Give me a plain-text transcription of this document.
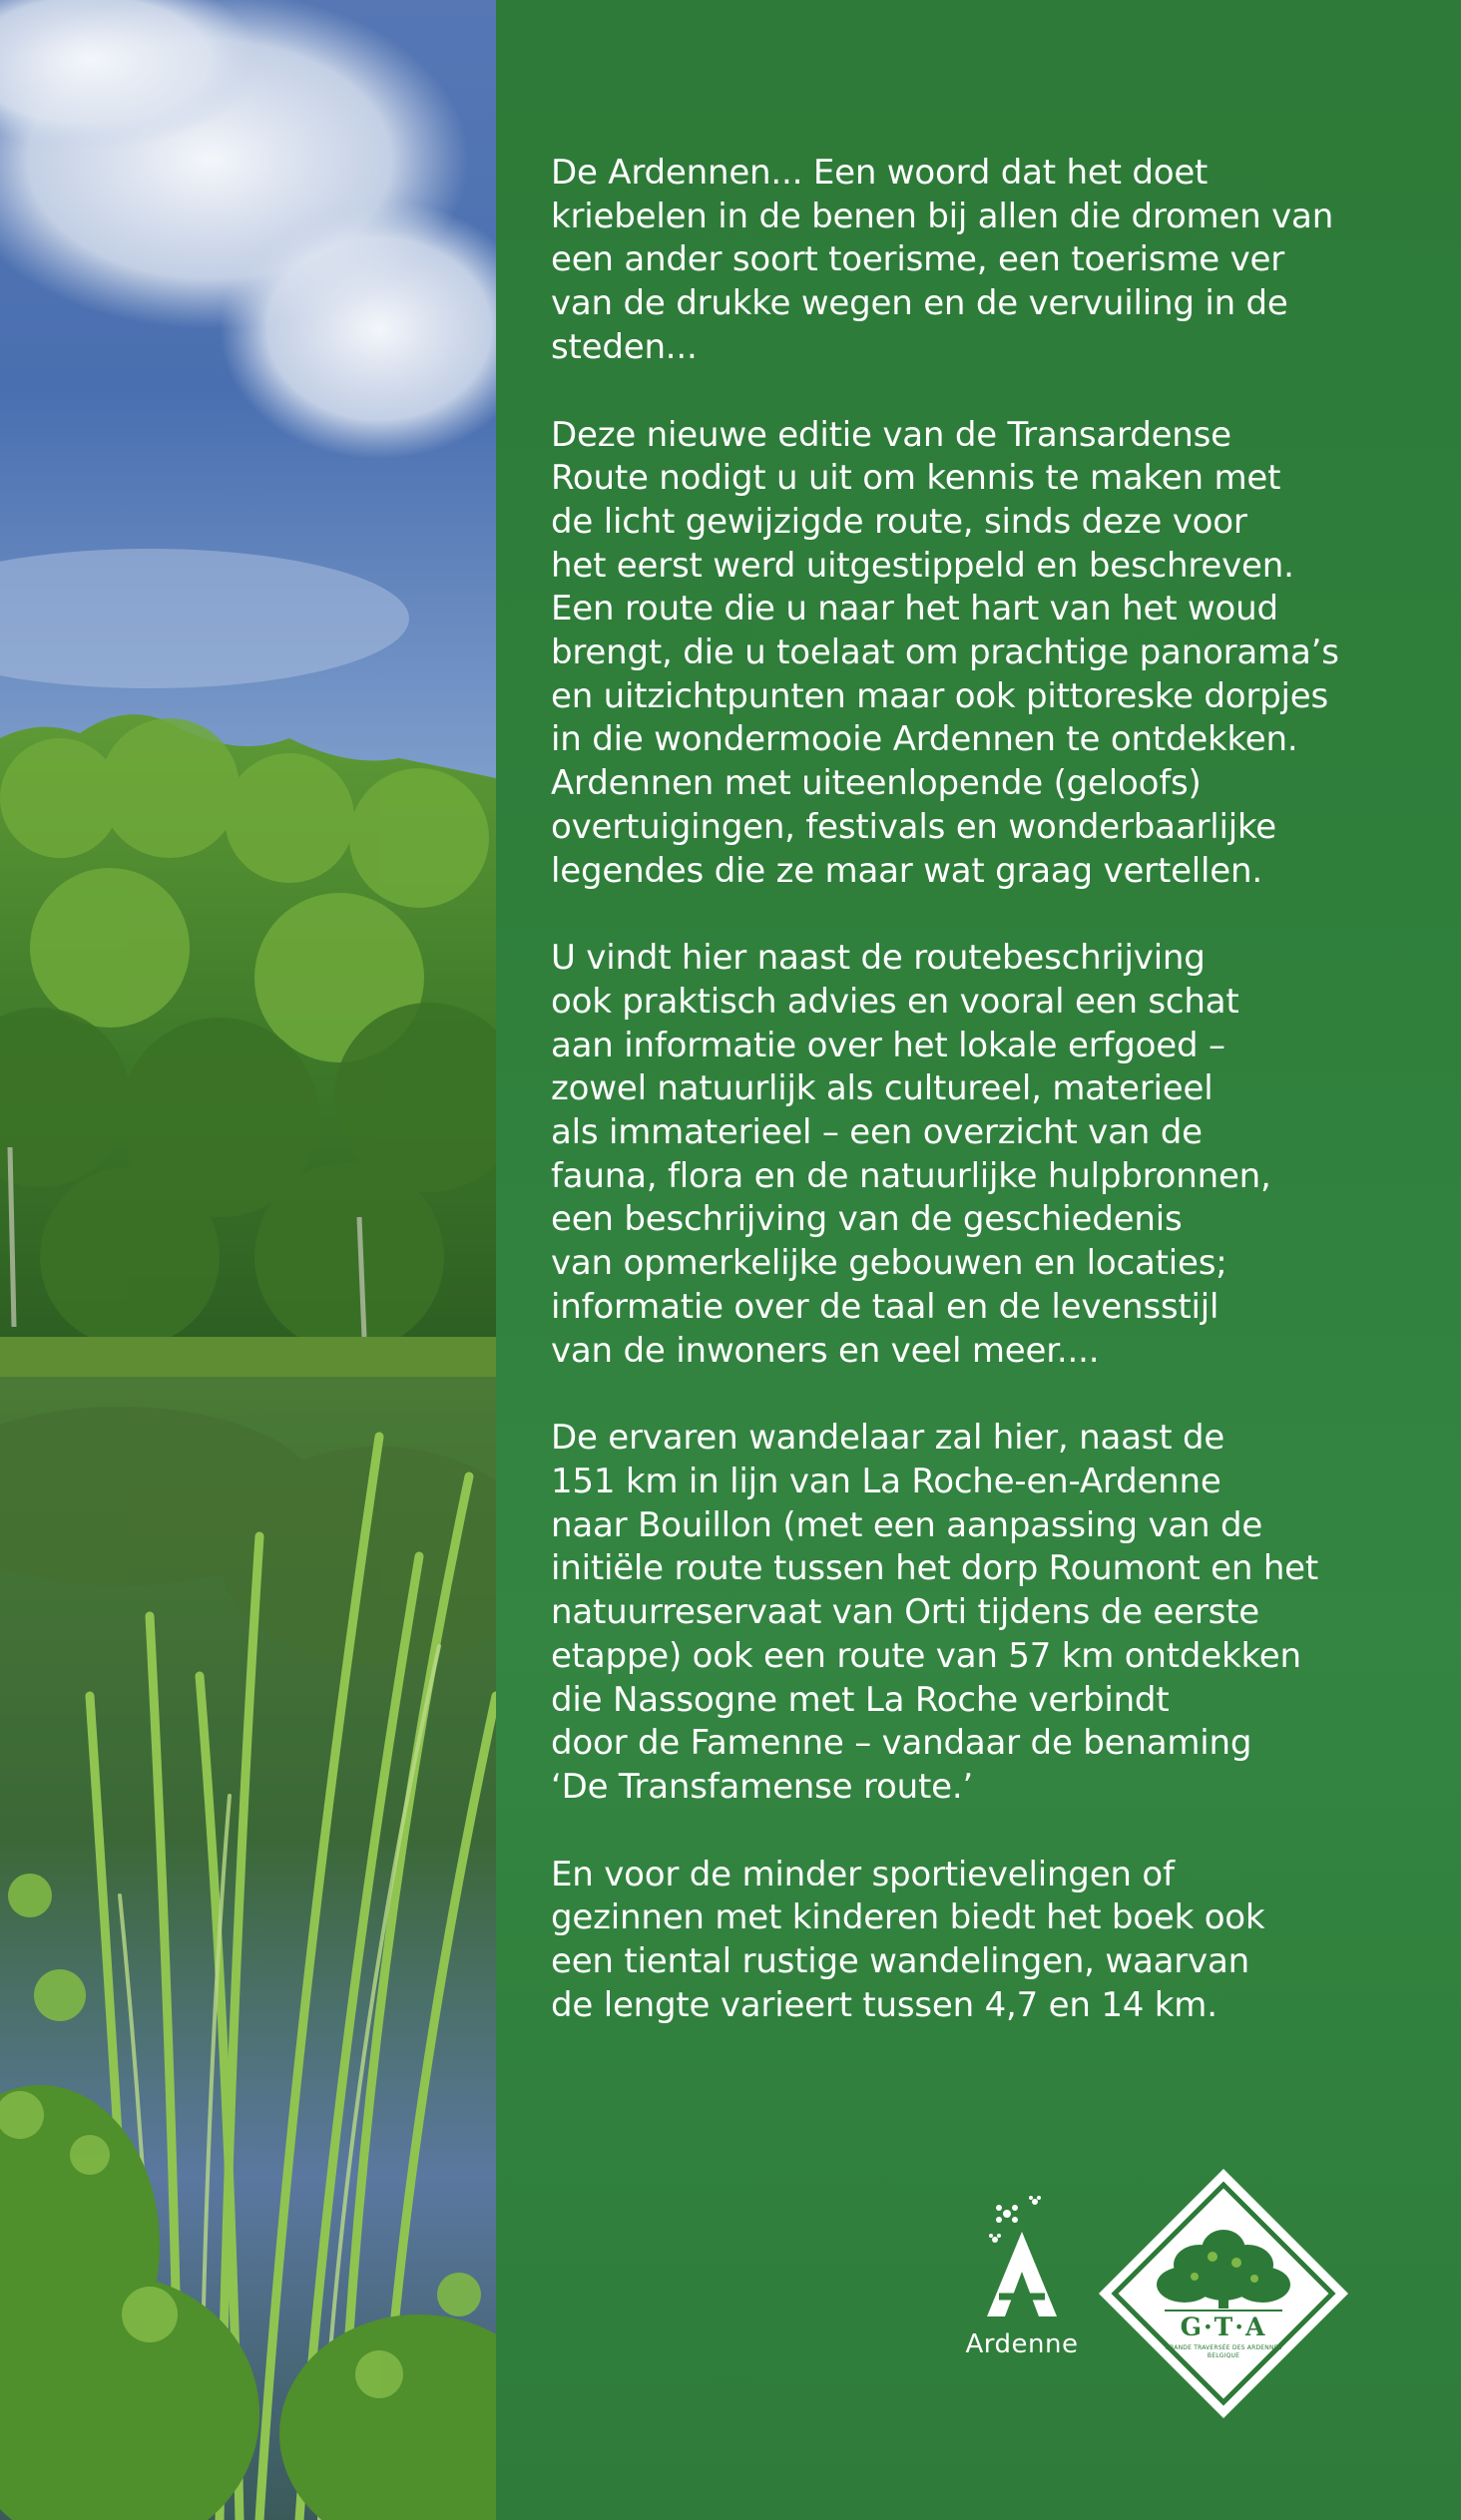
De Ardennen... Een woord dat het doet
kriebelen in de benen bij allen die dromen van
een ander soort toerisme, een toerisme ver
van de drukke wegen en de vervuiling in de
steden...

Deze nieuwe editie van de Transardense
Route nodigt u uit om kennis te maken met
de licht gewijzigde route, sinds deze voor
het eerst werd uitgestippeld en beschreven.
Een route die u naar het hart van het woud
brengt, die u toelaat om prachtige panorama’s
en uitzichtpunten maar ook pittoreske dorpjes
in die wondermooie Ardennen te ontdekken.
Ardennen met uiteenlopende (geloofs)
overtuigingen, festivals en wonderbaarlijke
legendes die ze maar wat graag vertellen.

U vindt hier naast de routebeschrijving
ook praktisch advies en vooral een schat
aan informatie over het lokale erfgoed –
zowel natuurlijk als cultureel, materieel
als immaterieel – een overzicht van de
fauna, flora en de natuurlijke hulpbronnen,
een beschrijving van de geschiedenis
van opmerkelijke gebouwen en locaties;
informatie over de taal en de levensstijl
van de inwoners en veel meer....

De ervaren wandelaar zal hier, naast de
151 km in lijn van La Roche-en-Ardenne
naar Bouillon (met een aanpassing van de
initiële route tussen het dorp Roumont en het
natuurreservaat van Orti tijdens de eerste
etappe) ook een route van 57 km ontdekken
die Nassogne met La Roche verbindt
door de Famenne – vandaar de benaming
‘De Transfamense route.’

En voor de minder sportievelingen of
gezinnen met kinderen biedt het boek ook
een tiental rustige wandelingen, waarvan
de lengte varieert tussen 4,7 en 14 km.

Ardenne
G·T·A
GRANDE TRAVERSÉE DES ARDENNES BELGIQUE
